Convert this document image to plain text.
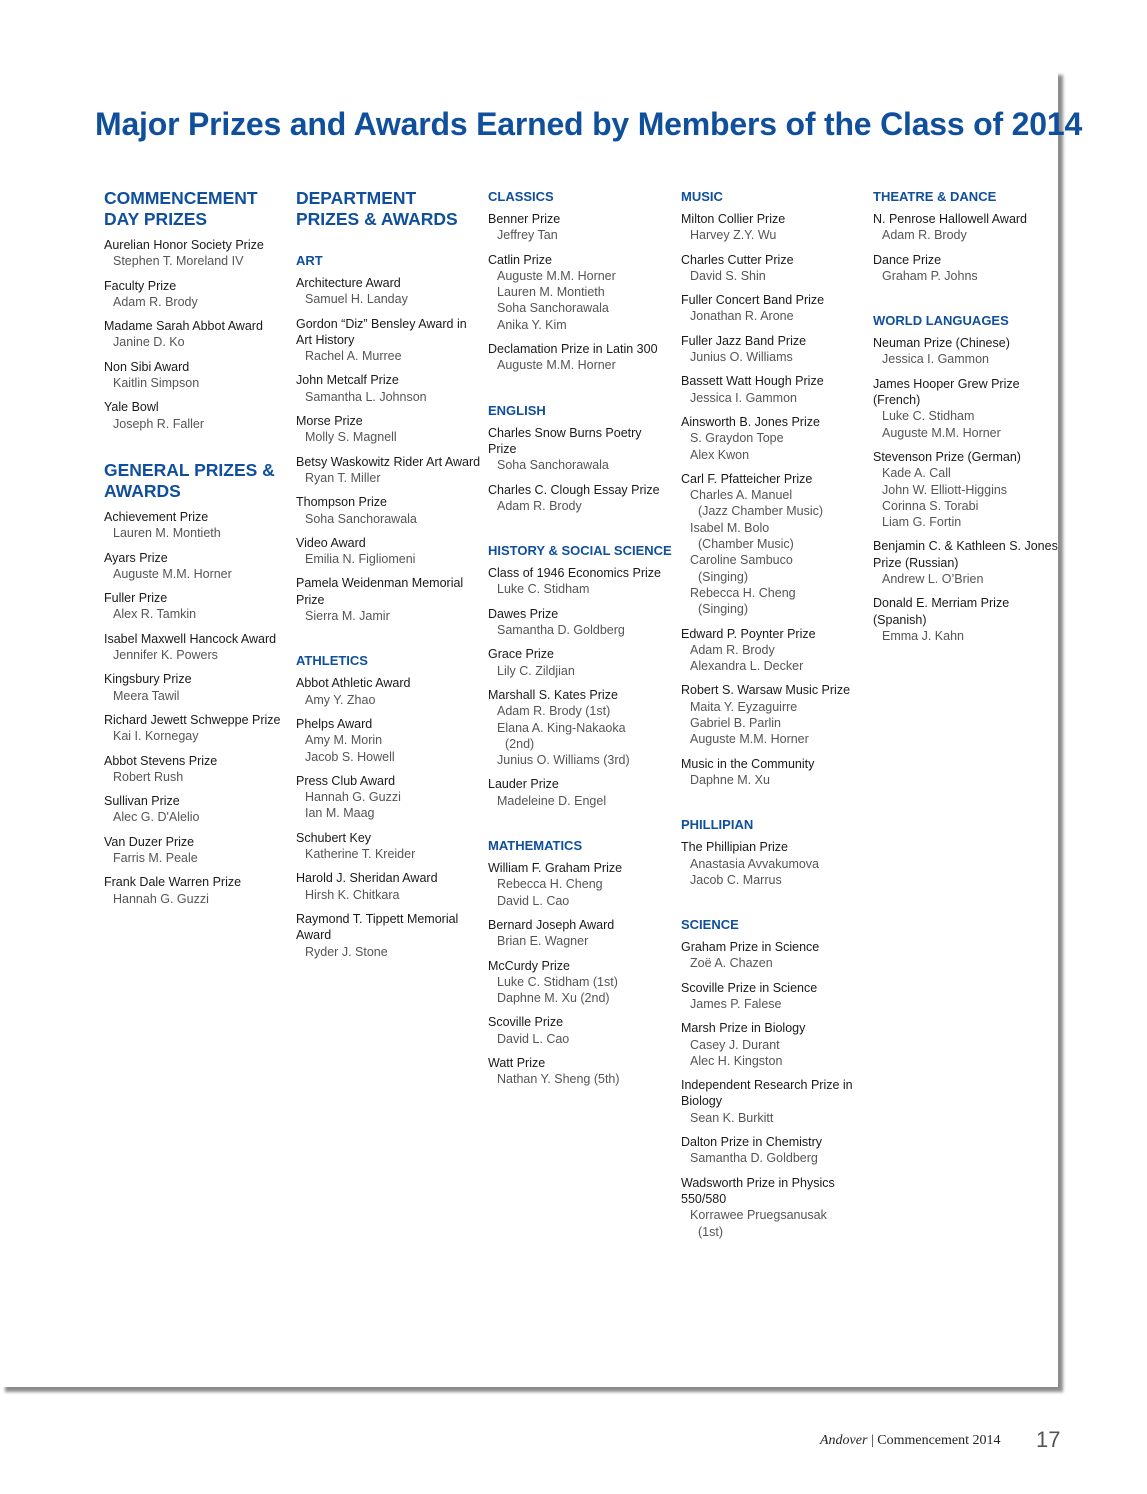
Major Prizes and Awards Earned by Members of the Class of 2014
COMMENCEMENT DAY PRIZES
Aurelian Honor Society Prize
Stephen T. Moreland IV
Faculty Prize
Adam R. Brody
Madame Sarah Abbot Award
Janine D. Ko
Non Sibi Award
Kaitlin Simpson
Yale Bowl
Joseph R. Faller
GENERAL PRIZES & AWARDS
Achievement Prize
Lauren M. Montieth
Ayars Prize
Auguste M.M. Horner
Fuller Prize
Alex R. Tamkin
Isabel Maxwell Hancock Award
Jennifer K. Powers
Kingsbury Prize
Meera Tawil
Richard Jewett Schweppe Prize
Kai I. Kornegay
Abbot Stevens Prize
Robert Rush
Sullivan Prize
Alec G. D'Alelio
Van Duzer Prize
Farris M. Peale
Frank Dale Warren Prize
Hannah G. Guzzi
DEPARTMENT PRIZES & AWARDS
ART
Architecture Award
Samuel H. Landay
Gordon “Diz” Bensley Award in Art History
Rachel A. Murree
John Metcalf Prize
Samantha L. Johnson
Morse Prize
Molly S. Magnell
Betsy Waskowitz Rider Art Award
Ryan T. Miller
Thompson Prize
Soha Sanchorawala
Video Award
Emilia N. Figliomeni
Pamela Weidenman Memorial Prize
Sierra M. Jamir
ATHLETICS
Abbot Athletic Award
Amy Y. Zhao
Phelps Award
Amy M. Morin
Jacob S. Howell
Press Club Award
Hannah G. Guzzi
Ian M. Maag
Schubert Key
Katherine T. Kreider
Harold J. Sheridan Award
Hirsh K. Chitkara
Raymond T. Tippett Memorial Award
Ryder J. Stone
CLASSICS
Benner Prize
Jeffrey Tan
Catlin Prize
Auguste M.M. Horner
Lauren M. Montieth
Soha Sanchorawala
Anika Y. Kim
Declamation Prize in Latin 300
Auguste M.M. Horner
ENGLISH
Charles Snow Burns Poetry Prize
Soha Sanchorawala
Charles C. Clough Essay Prize
Adam R. Brody
HISTORY & SOCIAL SCIENCE
Class of 1946 Economics Prize
Luke C. Stidham
Dawes Prize
Samantha D. Goldberg
Grace Prize
Lily C. Zildjian
Marshall S. Kates Prize
Adam R. Brody (1st)
Elana A. King-Nakaoka
(2nd)
Junius O. Williams (3rd)
Lauder Prize
Madeleine D. Engel
MATHEMATICS
William F. Graham Prize
Rebecca H. Cheng
David L. Cao
Bernard Joseph Award
Brian E. Wagner
McCurdy Prize
Luke C. Stidham (1st)
Daphne M. Xu (2nd)
Scoville Prize
David L. Cao
Watt Prize
Nathan Y. Sheng (5th)
MUSIC
Milton Collier Prize
Harvey Z.Y. Wu
Charles Cutter Prize
David S. Shin
Fuller Concert Band Prize
Jonathan R. Arone
Fuller Jazz Band Prize
Junius O. Williams
Bassett Watt Hough Prize
Jessica I. Gammon
Ainsworth B. Jones Prize
S. Graydon Tope
Alex Kwon
Carl F. Pfatteicher Prize
Charles A. Manuel
(Jazz Chamber Music)
Isabel M. Bolo
(Chamber Music)
Caroline Sambuco
(Singing)
Rebecca H. Cheng
(Singing)
Edward P. Poynter Prize
Adam R. Brody
Alexandra L. Decker
Robert S. Warsaw Music Prize
Maita Y. Eyzaguirre
Gabriel B. Parlin
Auguste M.M. Horner
Music in the Community
Daphne M. Xu
PHILLIPIAN
The Phillipian Prize
Anastasia Avvakumova
Jacob C. Marrus
SCIENCE
Graham Prize in Science
Zoë A. Chazen
Scoville Prize in Science
James P. Falese
Marsh Prize in Biology
Casey J. Durant
Alec H. Kingston
Independent Research Prize in Biology
Sean K. Burkitt
Dalton Prize in Chemistry
Samantha D. Goldberg
Wadsworth Prize in Physics 550/580
Korrawee Pruegsanusak
(1st)
THEATRE & DANCE
N. Penrose Hallowell Award
Adam R. Brody
Dance Prize
Graham P. Johns
WORLD LANGUAGES
Neuman Prize (Chinese)
Jessica I. Gammon
James Hooper Grew Prize (French)
Luke C. Stidham
Auguste M.M. Horner
Stevenson Prize (German)
Kade A. Call
John W. Elliott-Higgins
Corinna S. Torabi
Liam G. Fortin
Benjamin C. & Kathleen S. Jones Prize (Russian)
Andrew L. O’Brien
Donald E. Merriam Prize (Spanish)
Emma J. Kahn
Andover | Commencement 2014 17
